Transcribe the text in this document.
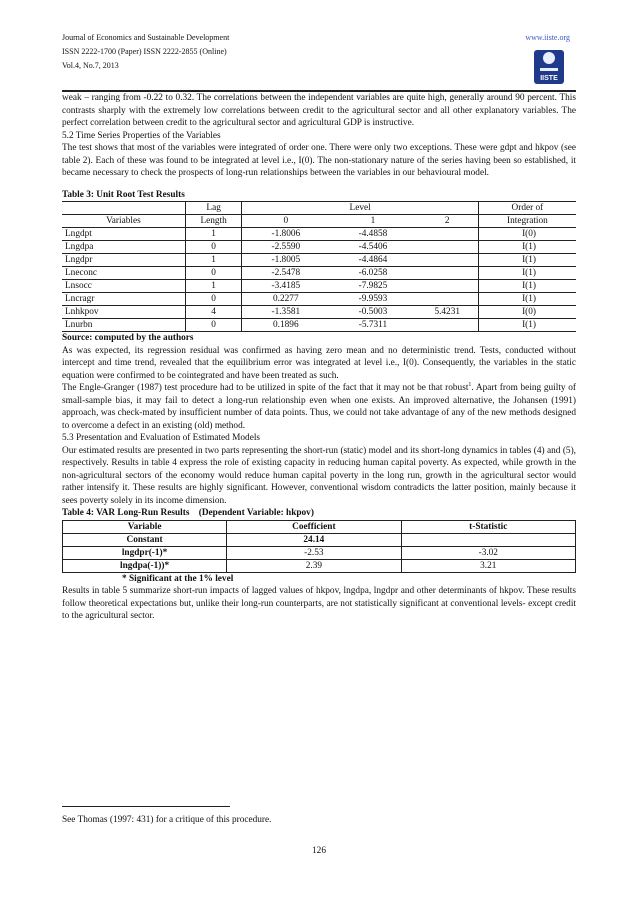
Journal of Economics and Sustainable Development
ISSN 2222-1700 (Paper) ISSN 2222-2855 (Online)
Vol.4, No.7, 2013
www.iiste.org
IISTE

weak – ranging from -0.22 to 0.32. The correlations between the independent variables are quite high, generally around 90 percent. This contrasts sharply with the extremely low correlations between credit to the agricultural sector and all other explanatory variables. The perfect correlation between credit to the agricultural sector and agricultural GDP is instructive.

5.2 Time Series Properties of the Variables

The test shows that most of the variables were integrated of order one. There were only two exceptions. These were gdpt and hkpov (see table 2). Each of these was found to be integrated at level i.e., I(0). The non-stationary nature of the series having been so established, it became necessary to check the prospects of long-run relationships between the variables in our behavioural model.

Table 3: Unit Root Test Results
	Lag	Level			Order of
Variables	Length	0	1	2	Integration
Lngdpt	1	-1.8006	-4.4858		I(0)
Lngdpa	0	-2.5590	-4.5406		I(1)
Lngdpr	1	-1.8005	-4.4864		I(1)
Lneconc	0	-2.5478	-6.0258		I(1)
Lnsocc	1	-3.4185	-7.9825		I(1)
Lncragr	0	0.2277	-9.9593		I(1)
Lnhkpov	4	-1.3581	-0.5003	5.4231	I(0)
Lnurbn	0	0.1896	-5.7311		I(1)
Source: computed by the authors

As was expected, its regression residual was confirmed as having zero mean and no deterministic trend. Tests, conducted without intercept and time trend, revealed that the equilibrium error was integrated at level i.e., I(0). Consequently, the variables in the static equation were confirmed to be cointegrated and have been treated as such.

The Engle-Granger (1987) test procedure had to be utilized in spite of the fact that it may not be that robust$^1$. Apart from being guilty of small-sample bias, it may fail to detect a long-run relationship even when one exists. An improved alternative, the Johansen (1991) approach, was check-mated by insufficient number of data points. Thus, we could not take advantage of any of the new methods designed to overcome a defect in an existing (old) method.

5.3 Presentation and Evaluation of Estimated Models

Our estimated results are presented in two parts representing the short-run (static) model and its short-long dynamics in tables (4) and (5), respectively. Results in table 4 express the role of existing capacity in reducing human capital poverty. As expected, while growth in the non-agricultural sectors of the economy would reduce human capital poverty in the long run, growth in the agricultural sector would rather intensify it. These results are highly significant. However, conventional wisdom contradicts the latter position, mainly because it sees poverty solely in its income dimension.

Table 4: VAR Long-Run Results    (Dependent Variable: hkpov)
Variable	Coefficient	t-Statistic
Constant	24.14	
lngdpr(-1)*	-2.53	-3.02
lngdpa(-1))*	2.39	3.21
* Significant at the 1% level

Results in table 5 summarize short-run impacts of lagged values of hkpov, lngdpa, lngdpr and other determinants of hkpov. These results follow theoretical expectations but, unlike their long-run counterparts, are not statistically significant at conventional levels- except credit to the agricultural sector.

See Thomas (1997: 431) for a critique of this procedure.
126
